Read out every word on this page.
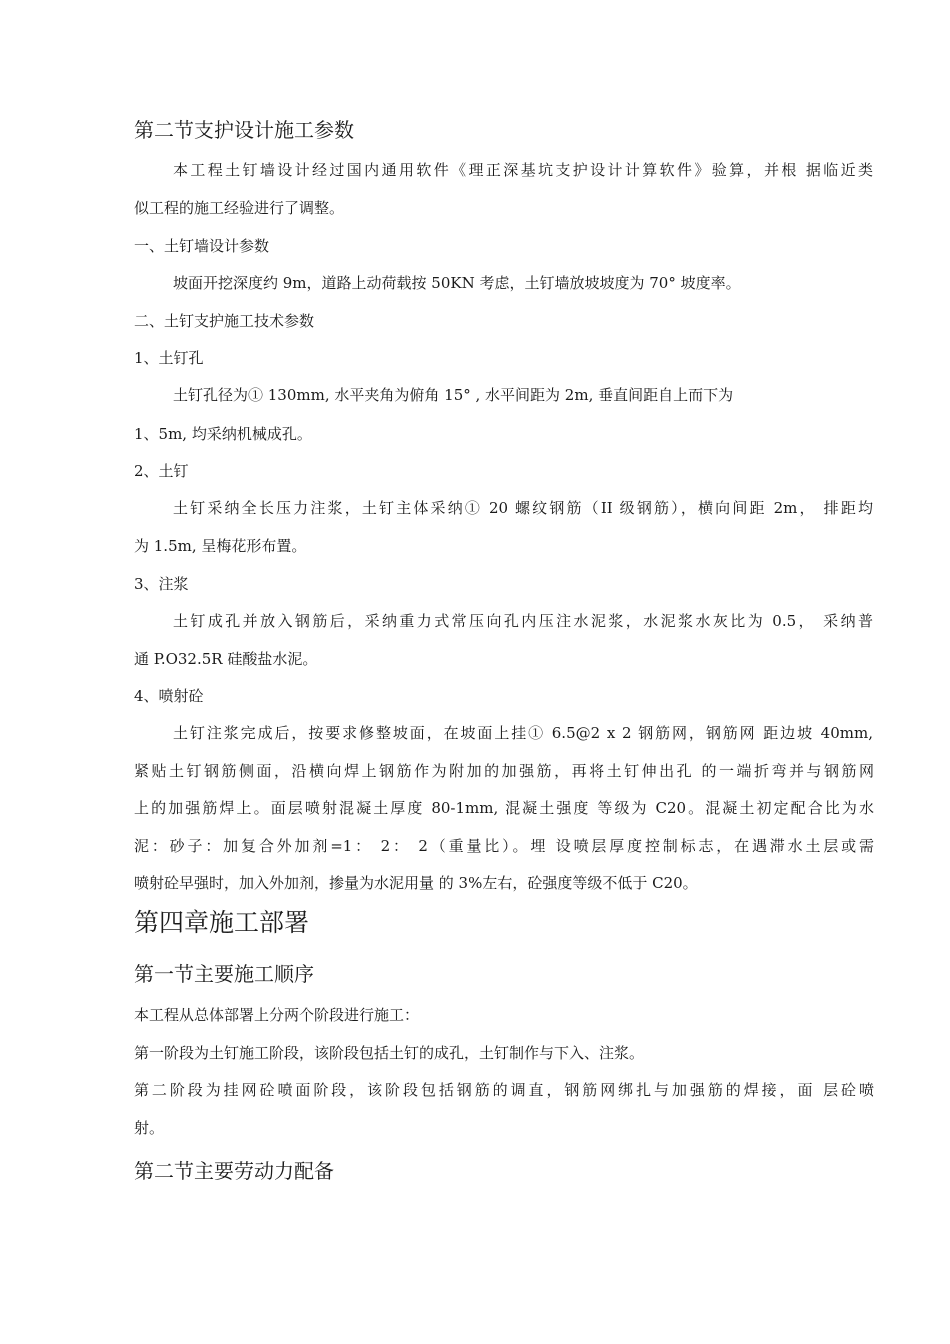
第二节支护设计施工参数
本工程土钉墙设计经过国内通用软件《理正深基坑支护设计计算软件》验算，并根 据临近类
似工程的施工经验进行了调整。
一、土钉墙设计参数
坡面开挖深度约 9m，道路上动荷载按 50KN 考虑，土钉墙放坡坡度为 70° 坡度率。
二、土钉支护施工技术参数
1、土钉孔
土钉孔径为① 130mm, 水平夹角为俯角 15° , 水平间距为 2m, 垂直间距自上而下为
1、5m, 均采纳机械成孔。
2、土钉
土钉采纳全长压力注浆，土钉主体采纳① 20 螺纹钢筋（II 级钢筋），横向间距 2m， 排距均
为 1.5m, 呈梅花形布置。
3、注浆
土钉成孔并放入钢筋后，采纳重力式常压向孔内压注水泥浆，水泥浆水灰比为 0.5， 采纳普
通 P.O32.5R 硅酸盐水泥。
4、喷射砼
土钉注浆完成后，按要求修整坡面，在坡面上挂① 6.5@2 x 2 钢筋网，钢筋网 距边坡 40mm,
紧贴土钉钢筋侧面，沿横向焊上钢筋作为附加的加强筋，再将土钉伸出孔 的一端折弯并与钢筋网
上的加强筋焊上。面层喷射混凝土厚度 80-1mm, 混凝土强度 等级为 C20。混凝土初定配合比为水
泥：砂子：加复合外加剂=1： 2： 2（重量比）。埋 设喷层厚度控制标志，在遇滞水土层或需
喷射砼早强时，加入外加剂，掺量为水泥用量 的 3%左右，砼强度等级不低于 C20。
第四章施工部署
第一节主要施工顺序
本工程从总体部署上分两个阶段进行施工：
第一阶段为土钉施工阶段，该阶段包括土钉的成孔，土钉制作与下入、注浆。
第二阶段为挂网砼喷面阶段，该阶段包括钢筋的调直，钢筋网绑扎与加强筋的焊接，面 层砼喷
射。
第二节主要劳动力配备
